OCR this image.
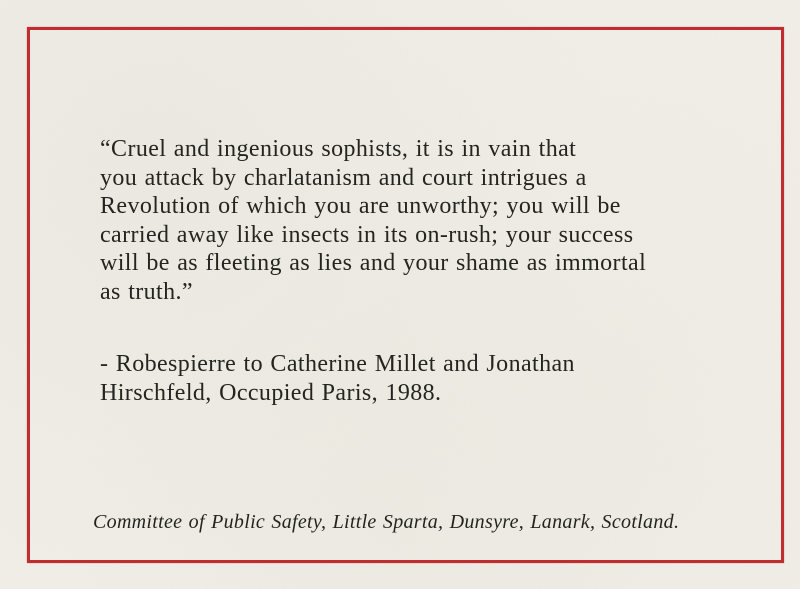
“Cruel and ingenious sophists, it is in vain that
you attack by charlatanism and court intrigues a
Revolution of which you are unworthy; you will be
carried away like insects in its on-rush; your success
will be as fleeting as lies and your shame as immortal
as truth.”
- Robespierre to Catherine Millet and Jonathan
Hirschfeld, Occupied Paris, 1988.
Committee of Public Safety, Little Sparta, Dunsyre, Lanark, Scotland.
